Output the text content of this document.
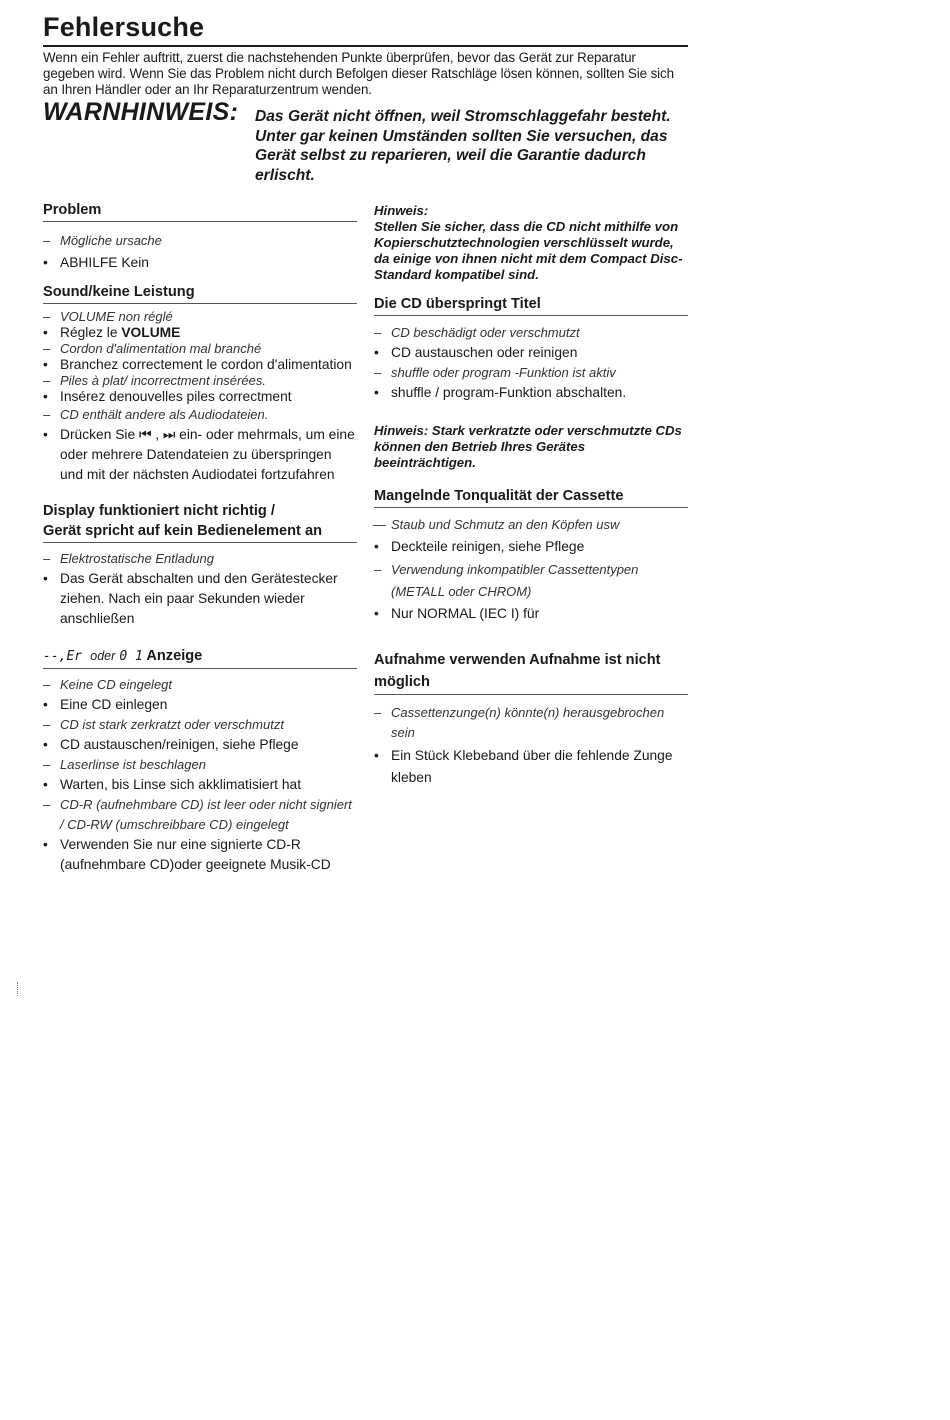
Fehlersuche
Wenn ein Fehler auftritt, zuerst die nachstehenden Punkte überprüfen, bevor das Gerät zur Reparatur gegeben wird. Wenn Sie das Problem nicht durch Befolgen dieser Ratschläge lösen können, sollten Sie sich an Ihren Händler oder an Ihr Reparaturzentrum wenden.
WARNHINWEIS: Das Gerät nicht öffnen, weil Stromschlaggefahr besteht. Unter gar keinen Umständen sollten Sie versuchen, das Gerät selbst zu reparieren, weil die Garantie dadurch erlischt.
Problem
– Mögliche ursache
• ABHILFE Kein
Sound/keine Leistung
– VOLUME non réglé
• Réglez le VOLUME
– Cordon d'alimentation mal branché
• Branchez correctement le cordon d'alimentation
– Piles à plat/ incorrectment insérées.
• Insérez denouvelles piles correctment
– CD enthält andere als Audiodateien.
• Drücken Sie ⏮ , ⏭ ein- oder mehrmals, um eine oder mehrere Datendateien zu überspringen und mit der nächsten Audiodatei fortzufahren
Display funktioniert nicht richtig /
Gerät spricht auf kein Bedienelement an
– Elektrostatische Entladung
• Das Gerät abschalten und den Gerätestecker ziehen. Nach ein paar Sekunden wieder anschließen
--,Er oder 0 1 Anzeige
– Keine CD eingelegt
• Eine CD einlegen
– CD ist stark zerkratzt oder verschmutzt
• CD austauschen/reinigen, siehe Pflege
– Laserlinse ist beschlagen
• Warten, bis Linse sich akklimatisiert hat
– CD-R (aufnehmbare CD) ist leer oder nicht signiert / CD-RW (umschreibbare CD) eingelegt
• Verwenden Sie nur eine signierte CD-R (aufnehmbare CD)oder geeignete Musik-CD
Hinweis:
Stellen Sie sicher, dass die CD nicht mithilfe von Kopierschutztechnologien verschlüsselt wurde, da einige von ihnen nicht mit dem Compact Disc-Standard kompatibel sind.
Die CD überspringt Titel
– CD beschädigt oder verschmutzt
• CD austauschen oder reinigen
– shuffle oder program -Funktion ist aktiv
• shuffle / program-Funktion abschalten.
Hinweis: Stark verkratzte oder verschmutzte CDs können den Betrieb Ihres Gerätes beeinträchtigen.
Mangelnde Tonqualität der Cassette
— Staub und Schmutz an den Köpfen usw
• Deckteile reinigen, siehe Pflege
– Verwendung inkompatibler Cassettentypen (METALL oder CHROM)
• Nur NORMAL (IEC I) für
Aufnahme verwenden Aufnahme ist nicht möglich
– Cassettenzunge(n) könnte(n) herausgebrochen sein
• Ein Stück Klebeband über die fehlende Zunge kleben
